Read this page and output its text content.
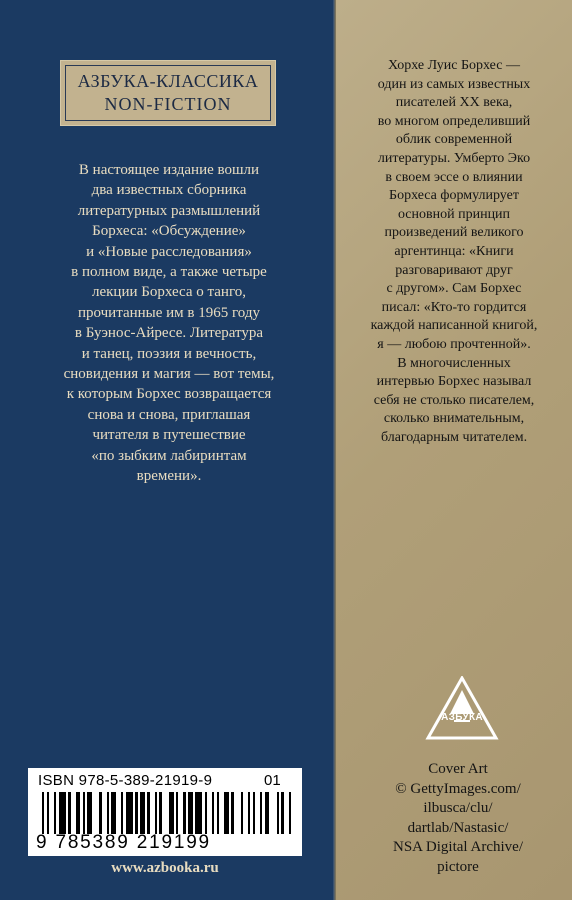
АЗБУКА-КЛАССИКА
NON-FICTION
В настоящее издание вошли
два известных сборника
литературных размышлений
Борхеса: «Обсуждение»
и «Новые расследования»
в полном виде, а также четыре
лекции Борхеса о танго,
прочитанные им в 1965 году
в Буэнос-Айресе. Литература
и танец, поэзия и вечность,
сновидения и магия — вот темы,
к которым Борхес возвращается
снова и снова, приглашая
читателя в путешествие
«по зыбким лабиринтам
времени».
ISBN 978-5-389-21919-9	01
9 785389 219199
www.azbooka.ru
Хорхе Луис Борхес —
один из самых известных
писателей XX века,
во многом определивший
облик современной
литературы. Умберто Эко
в своем эссе о влиянии
Борхеса формулирует
основной принцип
произведений великого
аргентинца: «Книги
разговаривают друг
с другом». Сам Борхес
писал: «Кто-то гордится
каждой написанной книгой,
я — любою прочтенной».
В многочисленных
интервью Борхес называл
себя не столько писателем,
сколько внимательным,
благодарным читателем.
АЗБУКА
Cover Art
© GettyImages.com/
ilbusca/clu/
dartlab/Nastasic/
NSA Digital Archive/
pictore
